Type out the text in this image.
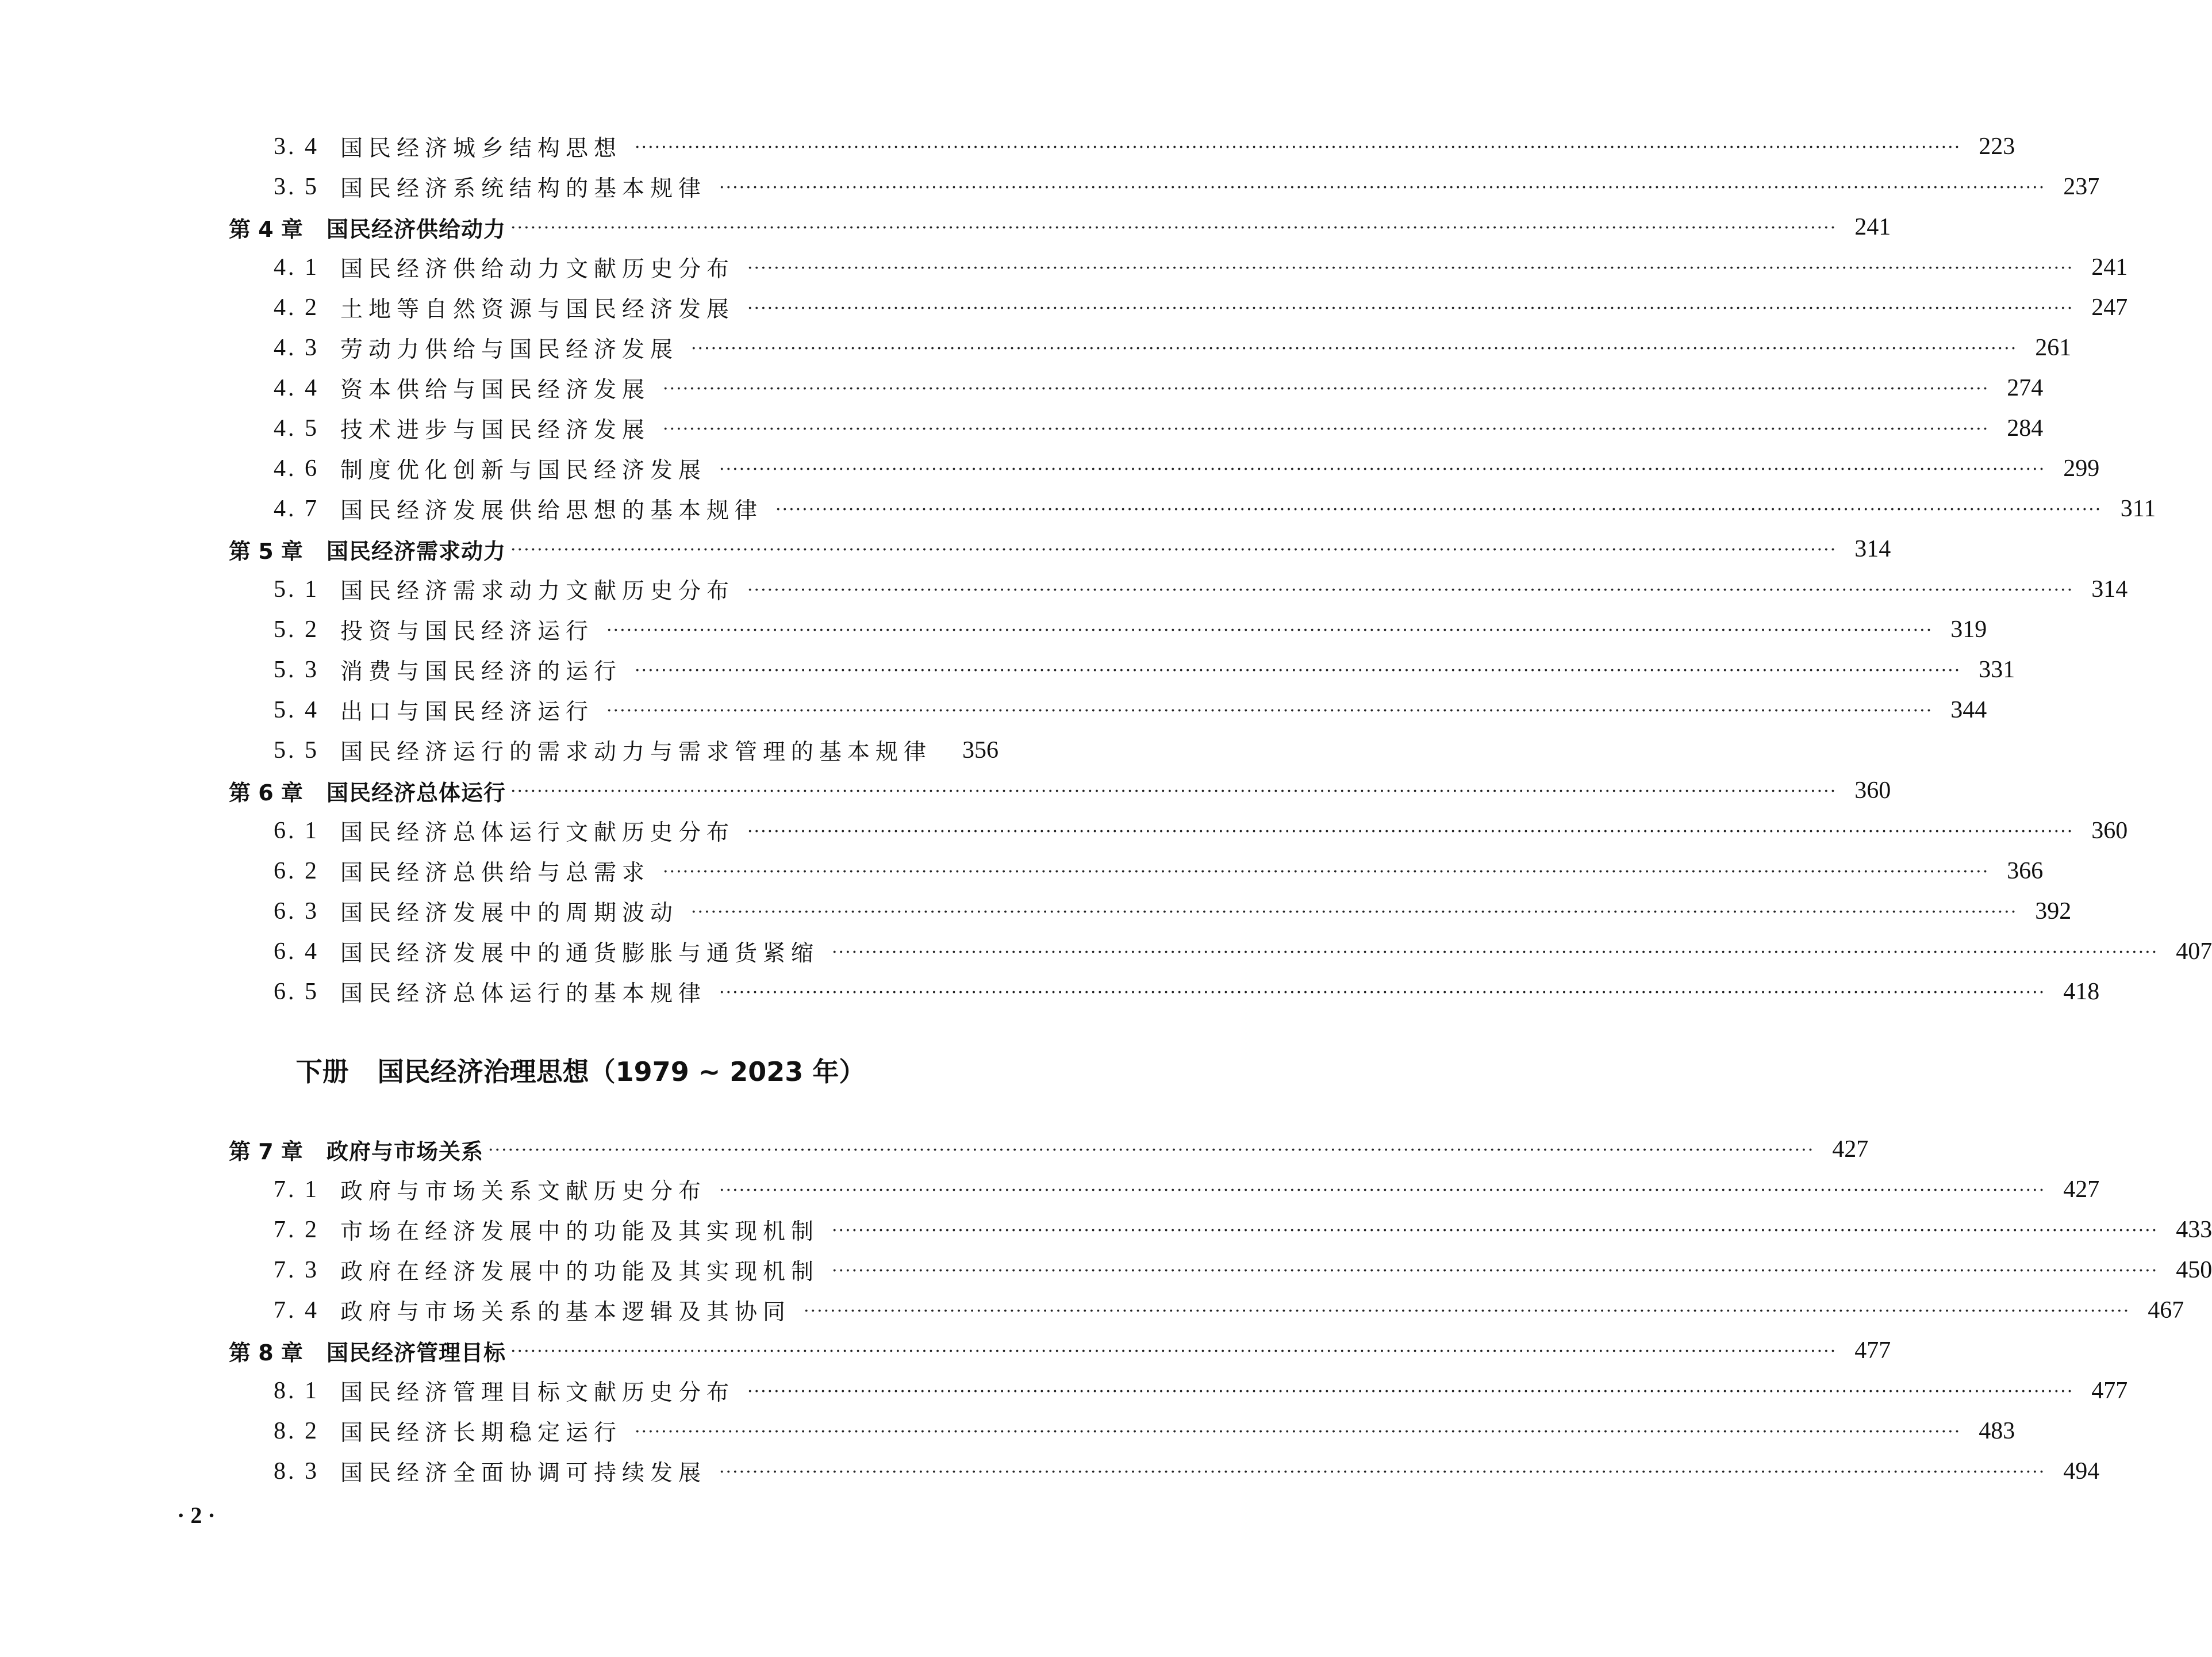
3. 4 国民经济城乡结构思想 ········································································································································································································ 223
3. 5 国民经济系统结构的基本规律 ········································································································································································································ 237
第 4 章	国民经济供给动力 ········································································································································································································ 241
4. 1 国民经济供给动力文献历史分布 ········································································································································································································ 241
4. 2 土地等自然资源与国民经济发展 ········································································································································································································ 247
4. 3 劳动力供给与国民经济发展 ········································································································································································································ 261
4. 4 资本供给与国民经济发展 ········································································································································································································ 274
4. 5 技术进步与国民经济发展 ········································································································································································································ 284
4. 6 制度优化创新与国民经济发展 ········································································································································································································ 299
4. 7 国民经济发展供给思想的基本规律 ········································································································································································································ 311
第 5 章	国民经济需求动力 ········································································································································································································ 314
5. 1 国民经济需求动力文献历史分布 ········································································································································································································ 314
5. 2 投资与国民经济运行 ········································································································································································································ 319
5. 3 消费与国民经济的运行 ········································································································································································································ 331
5. 4 出口与国民经济运行 ········································································································································································································ 344
5. 5 国民经济运行的需求动力与需求管理的基本规律	356
第 6 章	国民经济总体运行 ········································································································································································································ 360
6. 1 国民经济总体运行文献历史分布 ········································································································································································································ 360
6. 2 国民经济总供给与总需求 ········································································································································································································ 366
6. 3 国民经济发展中的周期波动 ········································································································································································································ 392
6. 4 国民经济发展中的通货膨胀与通货紧缩 ········································································································································································································ 407
6. 5 国民经济总体运行的基本规律 ········································································································································································································ 418
下册 国民经济治理思想（1979 ~ 2023 年）
第 7 章	政府与市场关系 ········································································································································································································ 427
7. 1 政府与市场关系文献历史分布 ········································································································································································································ 427
7. 2 市场在经济发展中的功能及其实现机制 ········································································································································································································ 433
7. 3 政府在经济发展中的功能及其实现机制 ········································································································································································································ 450
7. 4 政府与市场关系的基本逻辑及其协同 ········································································································································································································ 467
第 8 章	国民经济管理目标 ········································································································································································································ 477
8. 1 国民经济管理目标文献历史分布 ········································································································································································································ 477
8. 2 国民经济长期稳定运行 ········································································································································································································ 483
8. 3 国民经济全面协调可持续发展 ········································································································································································································ 494
· 2 ·
